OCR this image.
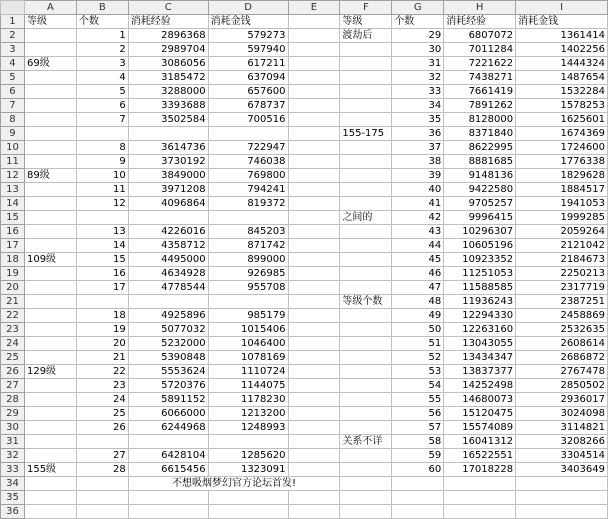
	A	B	C	D	E	F	G	H	I
1	等级	个数	消耗经验	消耗金钱		等级	个数	消耗经验	消耗金钱
2		1	2896368	579273		渡劫后	29	6807072	1361414
3		2	2989704	597940			30	7011284	1402256
4	69级	3	3086056	617211			31	7221622	1444324
5		4	3185472	637094			32	7438271	1487654
6		5	3288000	657600			33	7661419	1532284
7		6	3393688	678737			34	7891262	1578253
8		7	3502584	700516			35	8128000	1625601
9						155-175	36	8371840	1674369
10		8	3614736	722947			37	8622995	1724600
11		9	3730192	746038			38	8881685	1776338
12	89级	10	3849000	769800			39	9148136	1829628
13		11	3971208	794241			40	9422580	1884517
14		12	4096864	819372			41	9705257	1941053
15						之间的	42	9996415	1999285
16		13	4226016	845203			43	10296307	2059264
17		14	4358712	871742			44	10605196	2121042
18	109级	15	4495000	899000			45	10923352	2184673
19		16	4634928	926985			46	11251053	2250213
20		17	4778544	955708			47	11588585	2317719
21						等级个数	48	11936243	2387251
22		18	4925896	985179			49	12294330	2458869
23		19	5077032	1015406			50	12263160	2532635
24		20	5232000	1046400			51	13043055	2608614
25		21	5390848	1078169			52	13434347	2686872
26	129级	22	5553624	1110724			53	13837377	2767478
27		23	5720376	1144075			54	14252498	2850502
28		24	5891152	1178230			55	14680073	2936017
29		25	6066000	1213200			56	15120475	3024098
30		26	6244968	1248993			57	15574089	3114821
31						关系不详	58	16041312	3208266
32		27	6428104	1285620			59	16522551	3304514
33	155级	28	6615456	1323091			60	17018228	3403649
34			不想吸烟梦幻官方论坛首发!						
35									
36									
